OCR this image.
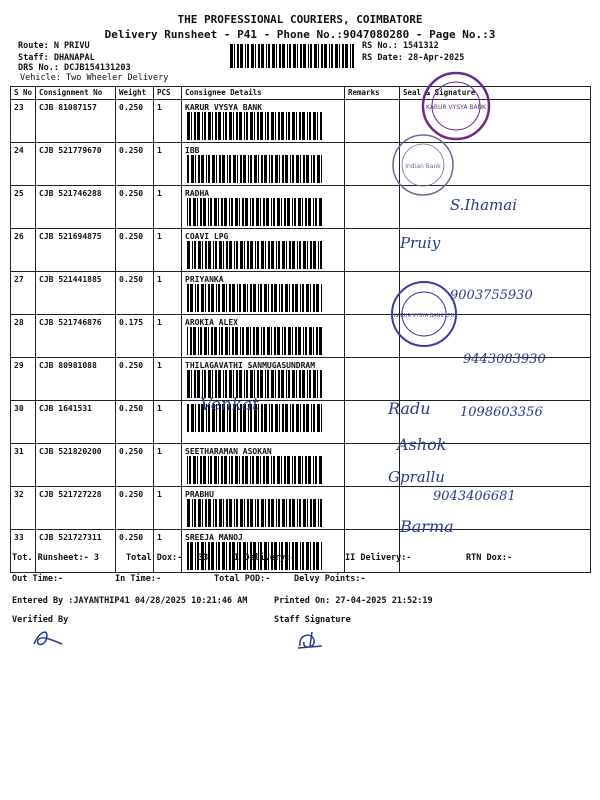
THE PROFESSIONAL COURIERS, COIMBATORE
Delivery Runsheet - P41 - Phone No.:9047080280 - Page No.:3
Route: N PRIVU
Staff: DHANAPAL
DRS No.: DCJB154131203
Vehicle: Two Wheeler Delivery
RS No.: 1541312
RS Date: 28-Apr-2025
S No	Consignment No	Weight	PCS	Consignee Details	Remarks	Seal & Signature
23	CJB 81087157	0.250	1	KARUR VYSYA BANK

24	CJB 521779670	0.250	1	IBB

25	CJB 521746288	0.250	1	RADHA

26	CJB 521694875	0.250	1	COAVI LPG

27	CJB 521441885	0.250	1	PRIYANKA

28	CJB 521746876	0.175	1	AROKIA ALEX

29	CJB 80981088	0.250	1	THILAGAVATHI SANMUGASUNDRAM

30	CJB 1641531	0.250	1	

31	CJB 521820200	0.250	1	SEETHARAMAN ASOKAN

32	CJB 521727228	0.250	1	PRABHU

33	CJB 521727311	0.250	1	SREEJA MANOJ

KARUR VYSYA BANK
Indian Bank
KARUR VYSYA BANK LTD
S.Ihamai
Pruiy
9003755930
9443083930
Venkat	Radu 1098603356
Ashok
Gprallu
9043406681
Barma
Tot. Runsheet:- 3	Total Dox:- 33	I Delivery:-	II Delivery:-	RTN Dox:-
Out Time:-	In Time:-	Total POD:-	Delvy Points:-
Entered By :JAYANTHIP41 04/28/2025 10:21:46 AM	Printed On: 27-04-2025 21:52:19
Verified By	Staff Signature
